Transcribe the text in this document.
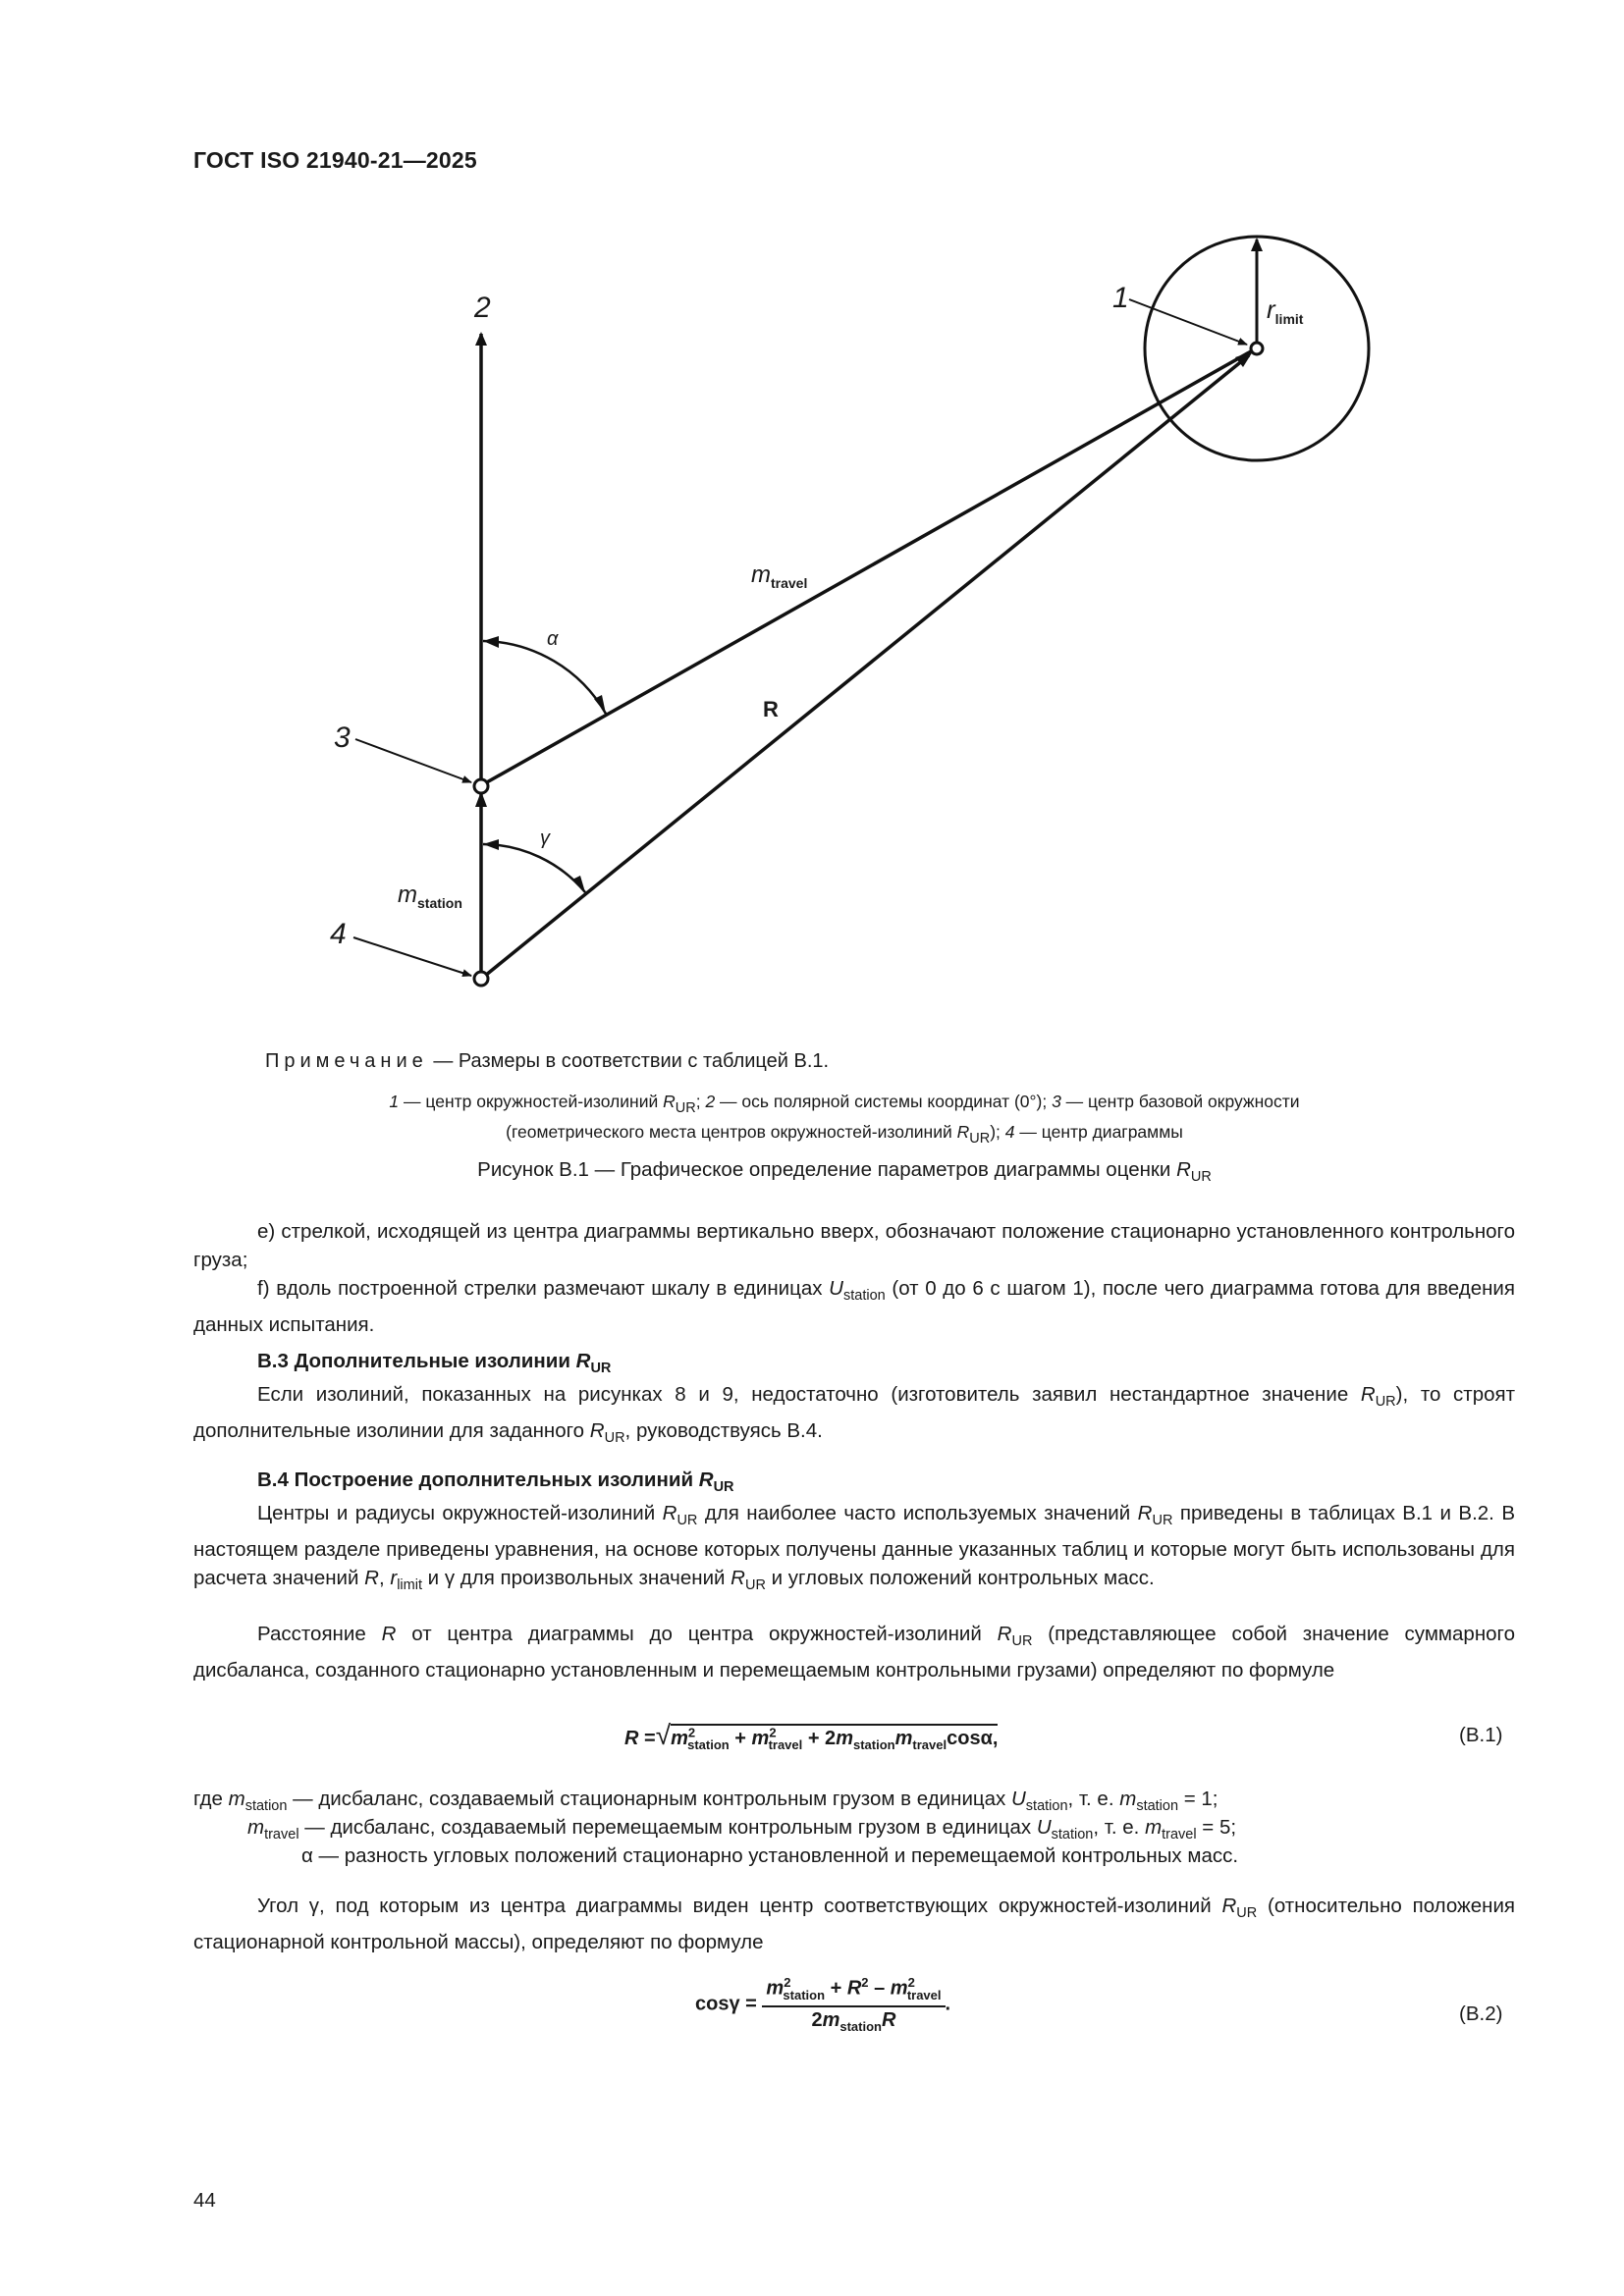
ГОСТ ISO 21940-21—2025
2	1
3
4
$r_{limit}$
$m_{travel}$
$m_{station}$
R
α
γ
Примечание — Размеры в соответствии с таблицей В.1.
1 — центр окружностей-изолиний $R_{UR}$; 2 — ось полярной системы координат (0°); 3 — центр базовой окружности
(геометрического места центров окружностей-изолиний $R_{UR}$); 4 — центр диаграммы
Рисунок В.1 — Графическое определение параметров диаграммы оценки $R_{UR}$
е) стрелкой, исходящей из центра диаграммы вертикально вверх, обозначают положение стационарно установленного контрольного груза;
f) вдоль построенной стрелки размечают шкалу в единицах $U_{station}$ (от 0 до 6 с шагом 1), после чего диаграмма готова для введения данных испытания.
В.3 Дополнительные изолинии $R_{UR}$
Если изолиний, показанных на рисунках 8 и 9, недостаточно (изготовитель заявил нестандартное значение $R_{UR}$), то строят дополнительные изолинии для заданного $R_{UR}$, руководствуясь В.4.
В.4 Построение дополнительных изолиний $R_{UR}$
Центры и радиусы окружностей-изолиний $R_{UR}$ для наиболее часто используемых значений $R_{UR}$ приведены в таблицах В.1 и В.2. В настоящем разделе приведены уравнения, на основе которых получены данные указанных таблиц и которые могут быть использованы для расчета значений R, $r_{limit}$ и γ для произвольных значений $R_{UR}$ и угловых положений контрольных масс.
Расстояние R от центра диаграммы до центра окружностей-изолиний $R_{UR}$ (представляющее собой значение суммарного дисбаланса, созданного стационарно установленным и перемещаемым контрольными грузами) определяют по формуле
$R =√m^2_{station} + m^2_{travel} + 2m_{station}m_{travel}\cos\alpha$,	(В.1)
где $m_{station}$ — дисбаланс, создаваемый стационарным контрольным грузом в единицах $U_{station}$, т. е. $m_{station} = 1$;
$m_{travel}$ — дисбаланс, создаваемый перемещаемым контрольным грузом в единицах $U_{station}$, т. е. $m_{travel} = 5$;
α — разность угловых положений стационарно установленной и перемещаемой контрольных масс.
Угол γ, под которым из центра диаграммы виден центр соответствующих окружностей-изолиний $R_{UR}$ (относительно положения стационарной контрольной массы), определяют по формуле
$\cos\gamma = \frac{m^2_{station} + R^2 - m^2_{travel}}{2m_{station}R}$ .	(В.2)
44
